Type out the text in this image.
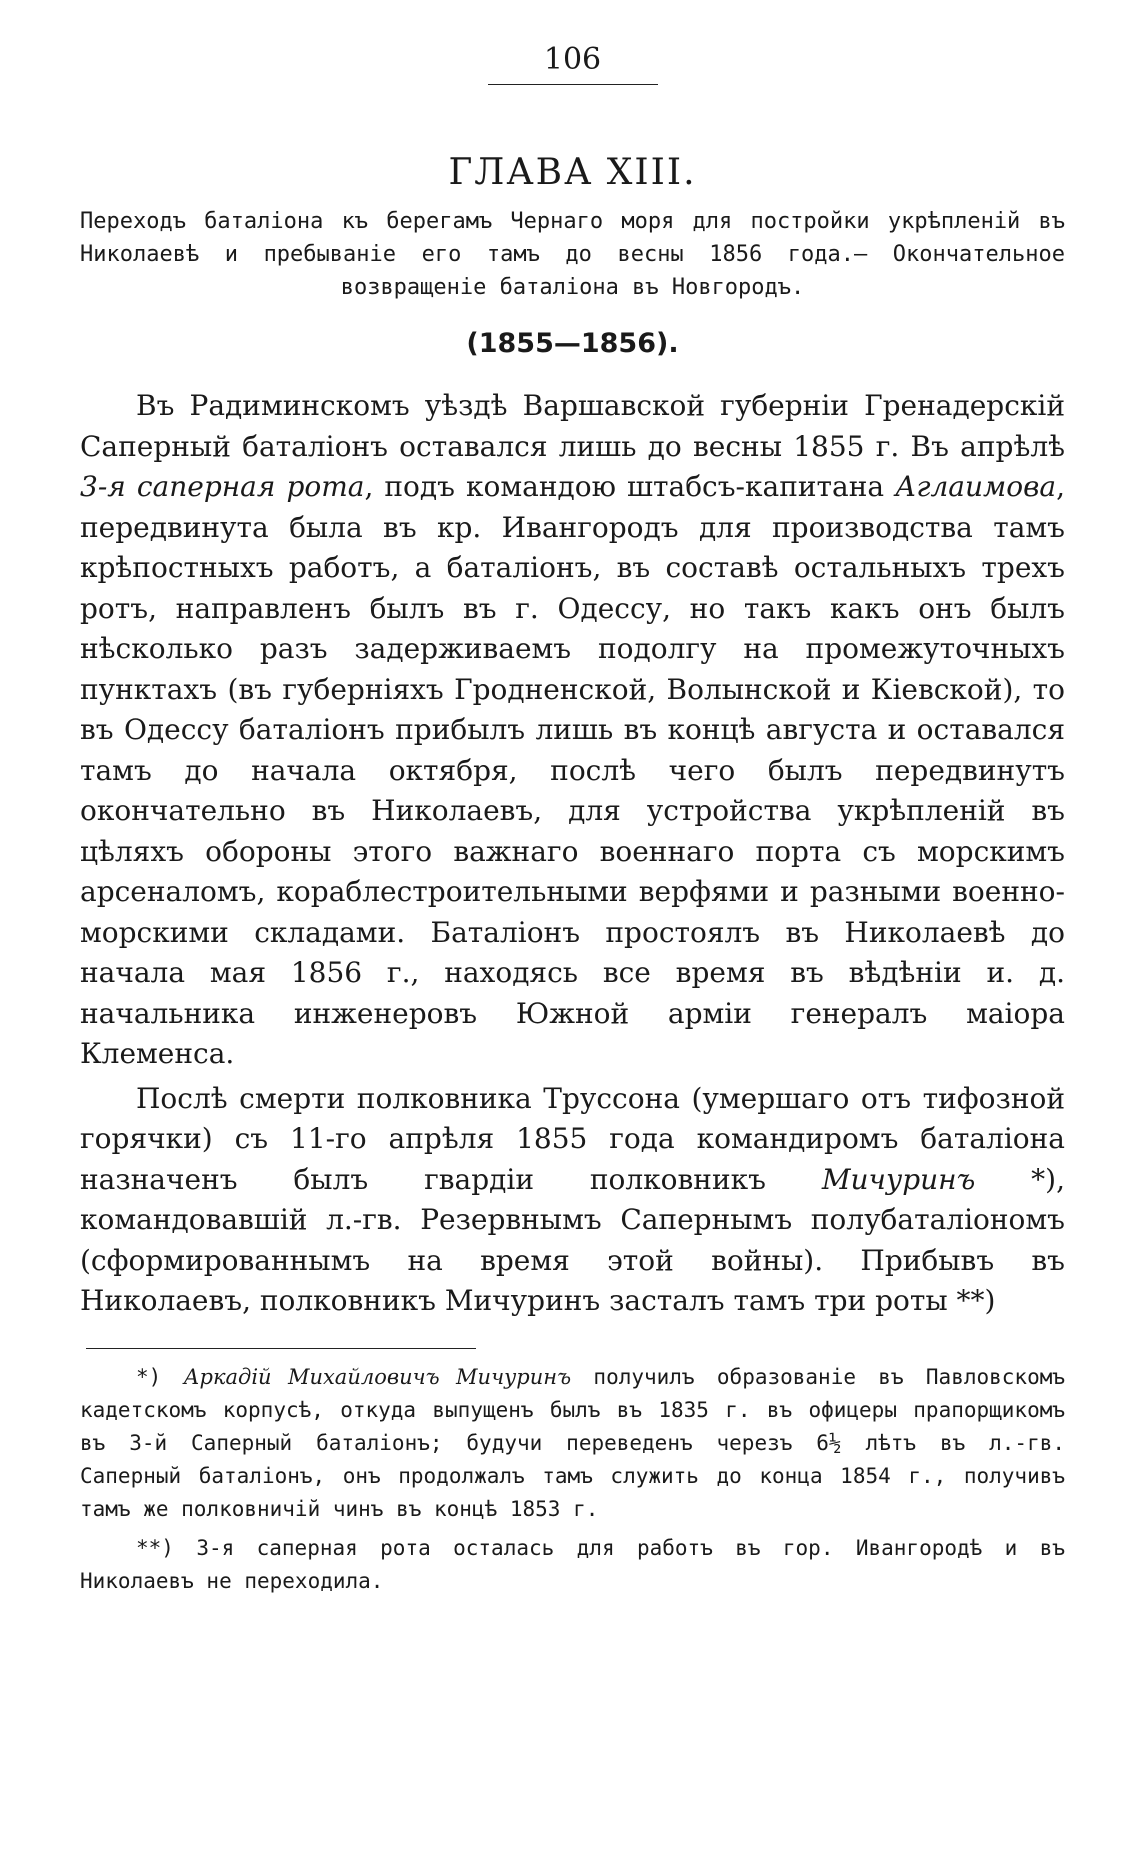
106
ГЛАВА XIII.
Переходъ баталіона къ берегамъ Чернаго моря для постройки укрѣпленій въ Николаевѣ и пребываніе его тамъ до весны 1856 года.— Окончательное возвращеніе баталіона въ Новгородъ.
(1855—1856).

Въ Радиминскомъ уѣздѣ Варшавской губерніи Гренадерскій Саперный баталіонъ оставался лишь до весны 1855 г. Въ апрѣлѣ 3-я саперная рота, подъ командою штабсъ-капитана Аглаимова, передвинута была въ кр. Ивангородъ для производства тамъ крѣпостныхъ работъ, а баталіонъ, въ составѣ остальныхъ трехъ ротъ, направленъ былъ въ г. Одессу, но такъ какъ онъ былъ нѣсколько разъ задерживаемъ подолгу на промежуточныхъ пунктахъ (въ губерніяхъ Гродненской, Волынской и Кіевской), то въ Одессу баталіонъ прибылъ лишь въ концѣ августа и оставался тамъ до начала октября, послѣ чего былъ передвинутъ окончательно въ Николаевъ, для устройства укрѣпленій въ цѣляхъ обороны этого важнаго военнаго порта съ морскимъ арсеналомъ, кораблестроительными верфями и разными военно-морскими складами. Баталіонъ простоялъ въ Николаевѣ до начала мая 1856 г., находясь все время въ вѣдѣніи и. д. начальника инженеровъ Южной арміи генералъ маіора Клеменса.

Послѣ смерти полковника Труссона (умершаго отъ тифозной горячки) съ 11-го апрѣля 1855 года командиромъ баталіона назначенъ былъ гвардіи полковникъ Мичуринъ *), командовавшій л.-гв. Резервнымъ Сапернымъ полубаталіономъ (сформированнымъ на время этой войны). Прибывъ въ Николаевъ, полковникъ Мичуринъ засталъ тамъ три роты **)

*) Аркадій Михайловичъ Мичуринъ получилъ образованіе въ Павловскомъ кадетскомъ корпусѣ, откуда выпущенъ былъ въ 1835 г. въ офицеры прапорщикомъ въ 3-й Саперный баталіонъ; будучи переведенъ черезъ 6½ лѣтъ въ л.-гв. Саперный баталіонъ, онъ продолжалъ тамъ служить до конца 1854 г., получивъ тамъ же полковничій чинъ въ концѣ 1853 г.

**) 3-я саперная рота осталась для работъ въ гор. Ивангородѣ и въ Николаевъ не переходила.
